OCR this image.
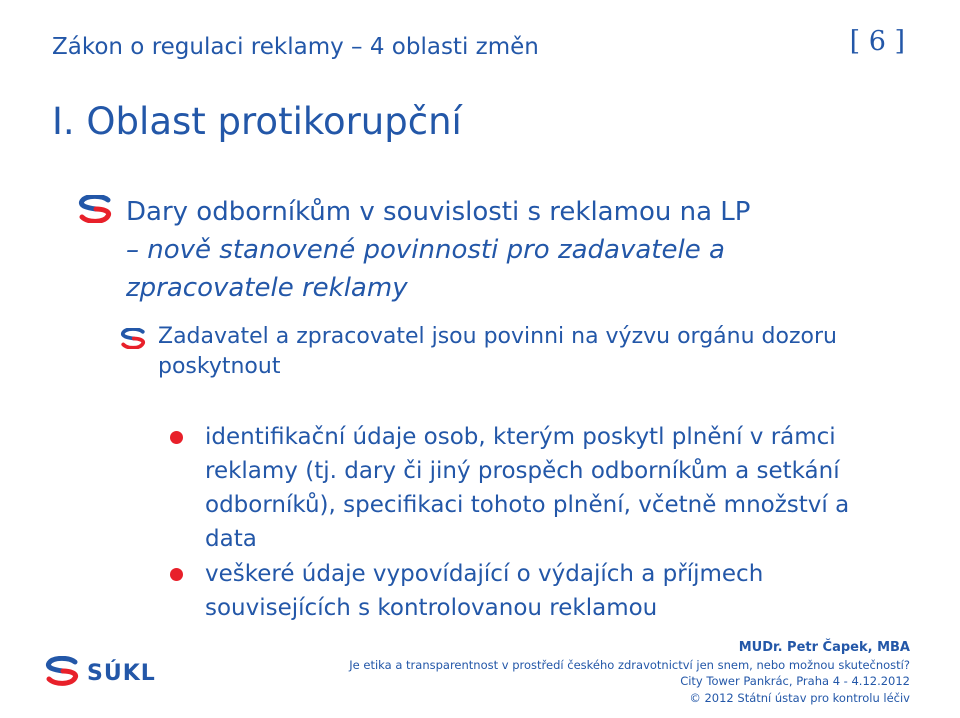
Zákon o regulaci reklamy – 4 oblasti změn	[ 6 ]
I. Oblast protikorupční
Dary odborníkům v souvislosti s reklamou na LP
– nově stanovené povinnosti pro zadavatele a zpracovatele reklamy
Zadavatel a zpracovatel jsou povinni na výzvu orgánu dozoru poskytnout
identifikační údaje osob, kterým poskytl plnění v rámci reklamy (tj. dary či jiný prospěch odborníkům a setkání odborníků), specifikaci tohoto plnění, včetně množství a data
veškeré údaje vypovídající o výdajích a příjmech souvisejících s kontrolovanou reklamou
SÚKL
MUDr. Petr Čapek, MBA
Je etika a transparentnost v prostředí českého zdravotnictví jen snem, nebo možnou skutečností?
City Tower Pankrác, Praha 4 - 4.12.2012
© 2012 Státní ústav pro kontrolu léčiv
